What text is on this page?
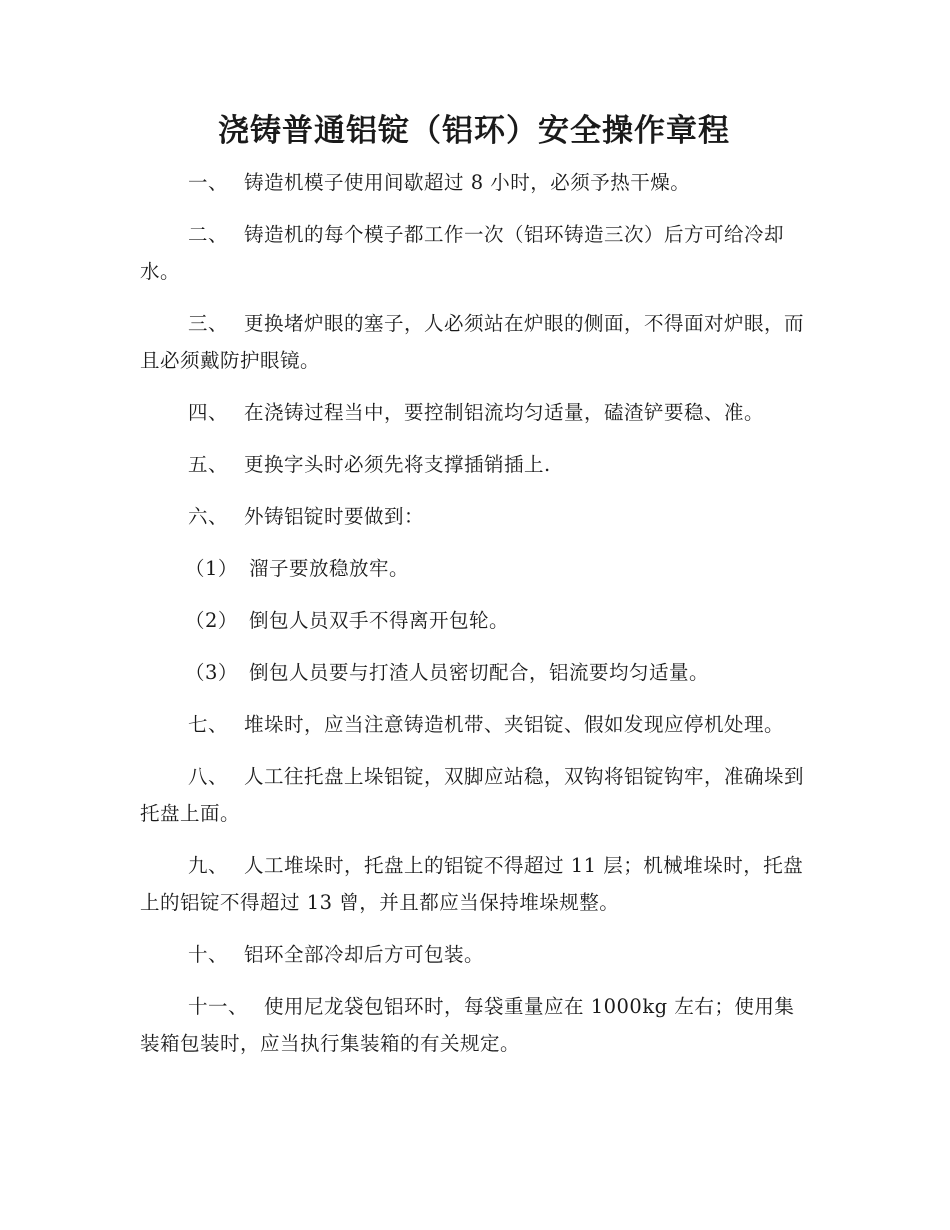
浇铸普通铝锭（铝环）安全操作章程

一、 铸造机模子使用间歇超过 8 小时，必须予热干燥。

二、 铸造机的每个模子都工作一次（铝环铸造三次）后方可给冷却水。

三、 更换堵炉眼的塞子，人必须站在炉眼的侧面，不得面对炉眼，而且必须戴防护眼镜。

四、 在浇铸过程当中，要控制铝流均匀适量，磕渣铲要稳、准。

五、 更换字头时必须先将支撑插销插上.

六、 外铸铝锭时要做到：

（1） 溜子要放稳放牢。

（2） 倒包人员双手不得离开包轮。

（3） 倒包人员要与打渣人员密切配合，铝流要均匀适量。

七、 堆垛时，应当注意铸造机带、夹铝锭、假如发现应停机处理。

八、 人工往托盘上垛铝锭，双脚应站稳，双钩将铝锭钩牢，准确垛到托盘上面。

九、 人工堆垛时，托盘上的铝锭不得超过 11 层；机械堆垛时，托盘上的铝锭不得超过 13 曾，并且都应当保持堆垛规整。

十、 铝环全部冷却后方可包装。

十一、 使用尼龙袋包铝环时，每袋重量应在 1000kg 左右；使用集装箱包装时，应当执行集装箱的有关规定。
